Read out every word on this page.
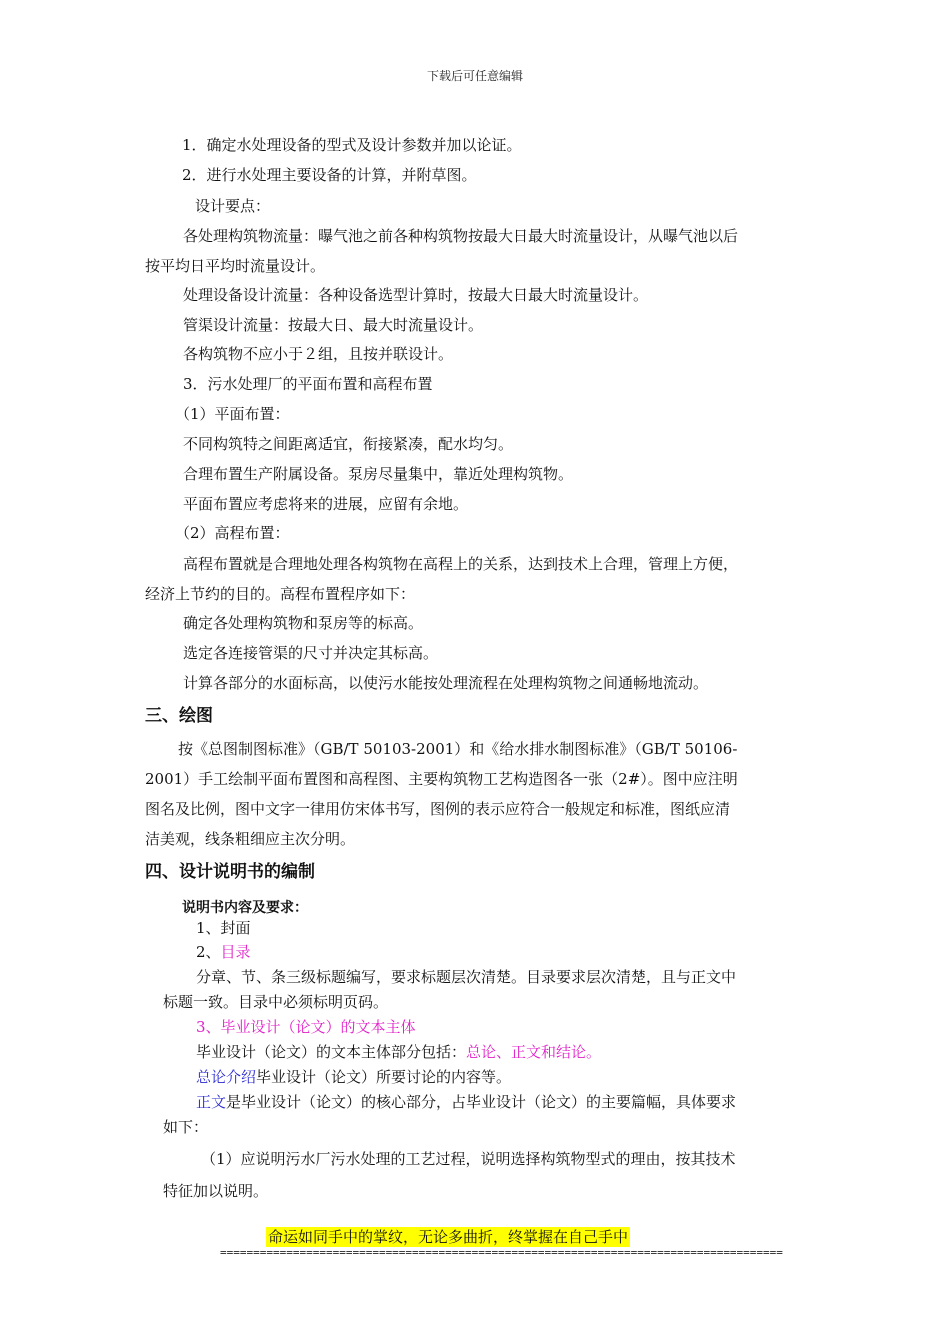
下载后可任意编辑
1．确定水处理设备的型式及设计参数并加以论证。
2．进行水处理主要设备的计算，并附草图。
设计要点：
各处理构筑物流量：曝气池之前各种构筑物按最大日最大时流量设计，从曝气池以后
按平均日平均时流量设计。
处理设备设计流量：各种设备选型计算时，按最大日最大时流量设计。
管渠设计流量：按最大日、最大时流量设计。
各构筑物不应小于２组，且按并联设计。
3．污水处理厂的平面布置和高程布置
（1）平面布置：
不同构筑特之间距离适宜，衔接紧凑，配水均匀。
合理布置生产附属设备。泵房尽量集中，靠近处理构筑物。
平面布置应考虑将来的进展，应留有余地。
（2）高程布置：
高程布置就是合理地处理各构筑物在高程上的关系，达到技术上合理，管理上方便，
经济上节约的目的。高程布置程序如下：
确定各处理构筑物和泵房等的标高。
选定各连接管渠的尺寸并决定其标高。
计算各部分的水面标高，以使污水能按处理流程在处理构筑物之间通畅地流动。
三、绘图
按《总图制图标准》（GB/T 50103-2001）和《给水排水制图标准》（GB/T 50106-
2001）手工绘制平面布置图和高程图、主要构筑物工艺构造图各一张（2#）。图中应注明
图名及比例，图中文字一律用仿宋体书写，图例的表示应符合一般规定和标准，图纸应清
洁美观，线条粗细应主次分明。
四、设计说明书的编制
说明书内容及要求：
1、封面
2、目录
分章、节、条三级标题编写，要求标题层次清楚。目录要求层次清楚，且与正文中
标题一致。目录中必须标明页码。
3、毕业设计（论文）的文本主体
毕业设计（论文）的文本主体部分包括：总论、正文和结论。
总论介绍毕业设计（论文）所要讨论的内容等。
正文是毕业设计（论文）的核心部分，占毕业设计（论文）的主要篇幅，具体要求
如下：
（1）应说明污水厂污水处理的工艺过程，说明选择构筑物型式的理由，按其技术
特征加以说明。
命运如同手中的掌纹，无论多曲折，终掌握在自己手中
=====================================================================================
